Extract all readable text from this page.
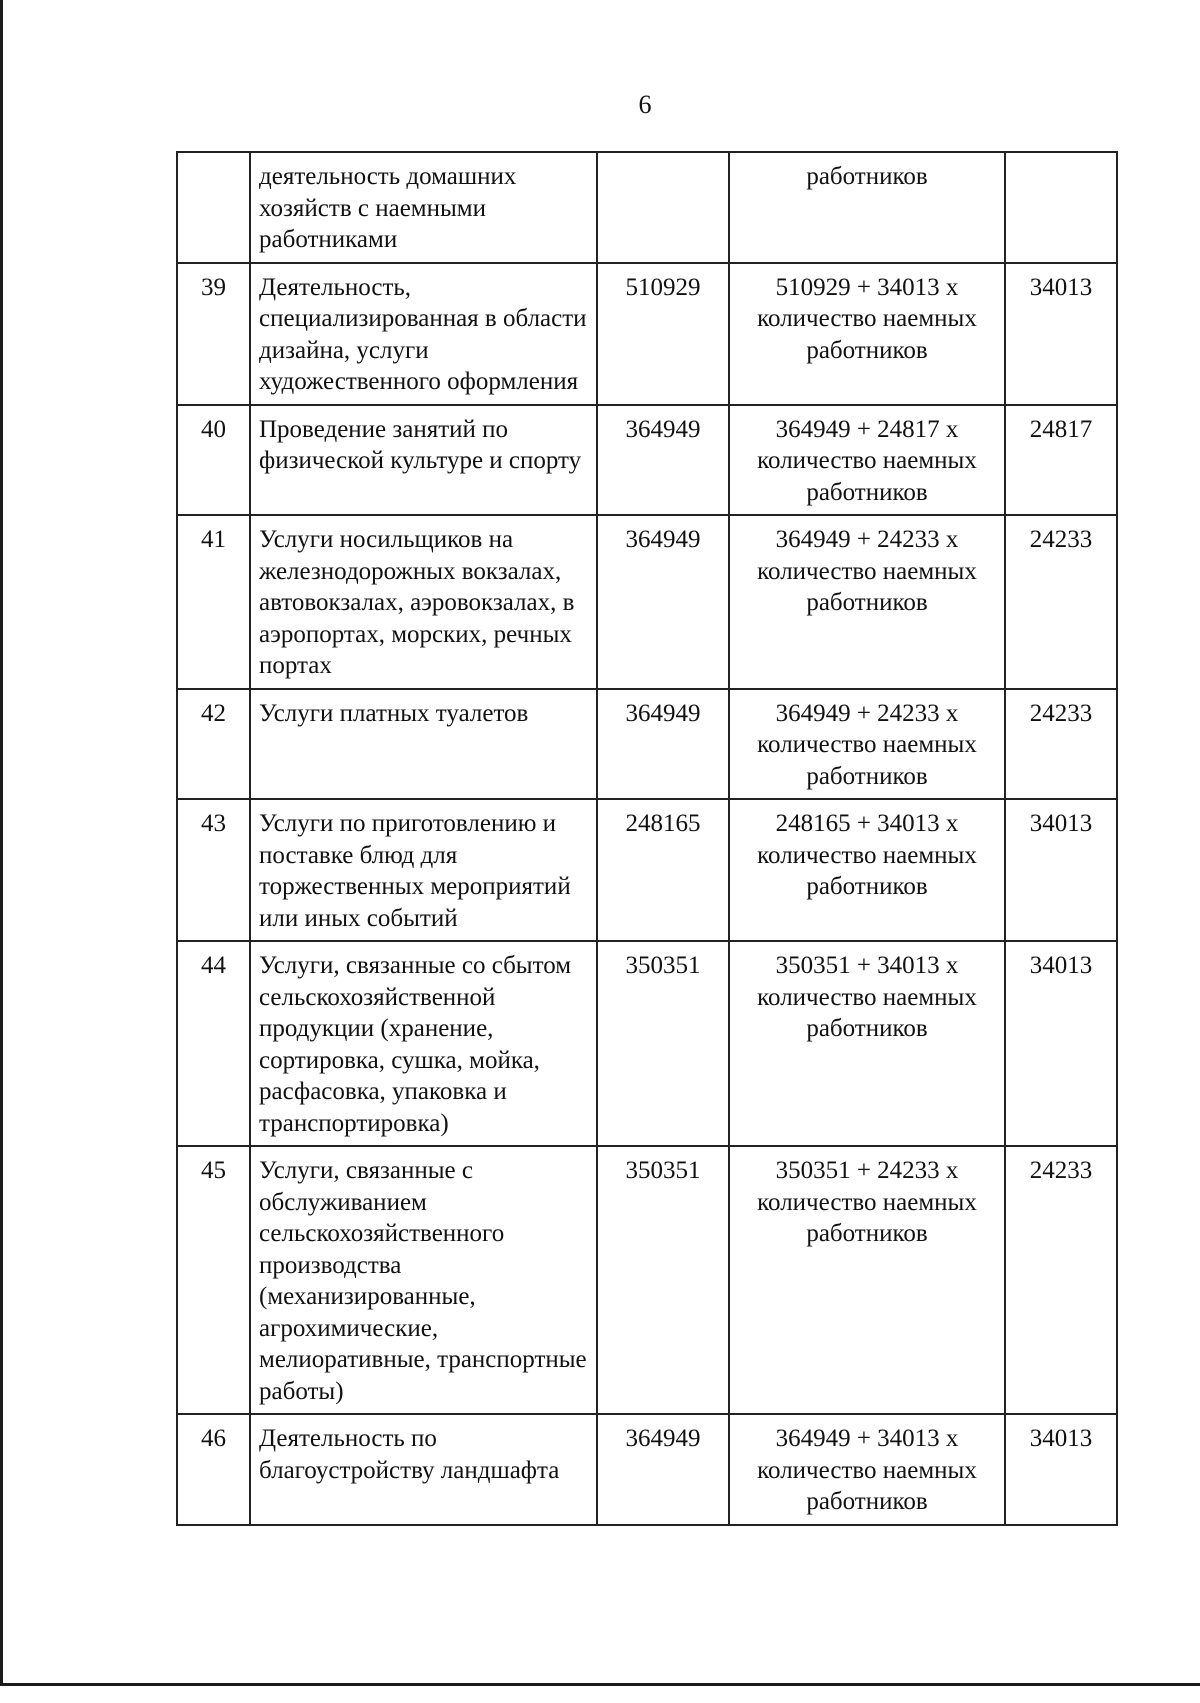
6
	деятельность домашних хозяйств с наемными работниками		работников	

39	Деятельность, специализированная в области дизайна, услуги художественного оформления	510929	510929 + 34013 x
количество наемных
работников	34013
40	Проведение занятий по физической культуре и спорту	364949	364949 + 24817 x
количество наемных
работников	24817
41	Услуги носильщиков на железнодорожных вокзалах, автовокзалах, аэровокзалах, в аэропортах, морских, речных портах	364949	364949 + 24233 x
количество наемных
работников	24233
42	Услуги платных туалетов	364949	364949 + 24233 x
количество наемных
работников	24233
43	Услуги по приготовлению и поставке блюд для торжественных мероприятий или иных событий	248165	248165 + 34013 x
количество наемных
работников	34013
44	Услуги, связанные со сбытом сельскохозяйственной продукции (хранение, сортировка, сушка, мойка, расфасовка, упаковка и транспортировка)	350351	350351 + 34013 x
количество наемных
работников	34013
45	Услуги, связанные с обслуживанием сельскохозяйственного производства (механизированные, агрохимические, мелиоративные, транспортные работы)	350351	350351 + 24233 x
количество наемных
работников	24233
46	Деятельность по благоустройству ландшафта	364949	364949 + 34013 x
количество наемных
работников	34013
